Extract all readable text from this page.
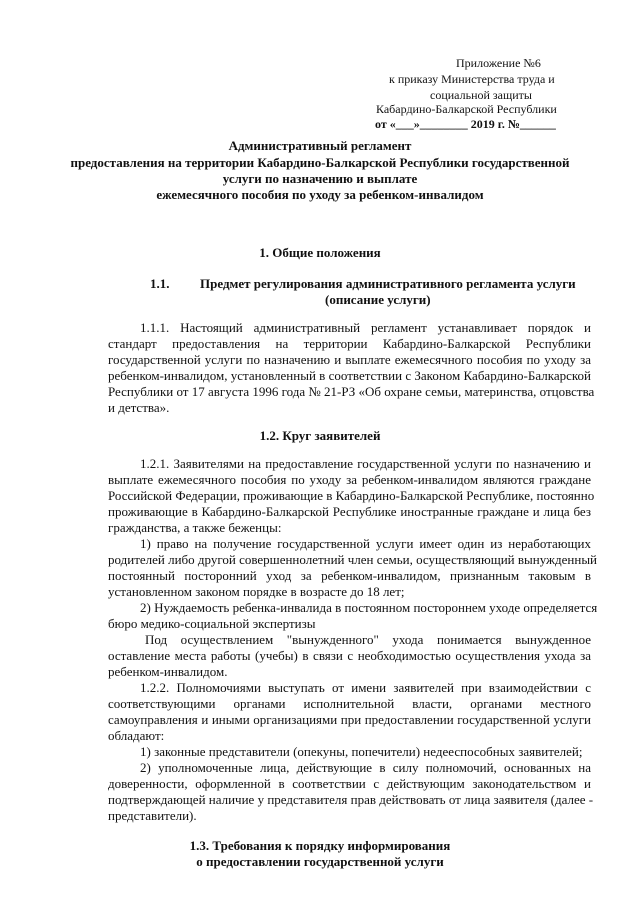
Приложение №6
к приказу Министерства труда и
социальной защиты
Кабардино-Балкарской Республики
от «___»________ 2019 г. №______
Административный регламент
предоставления на территории Кабардино-Балкарской Республики государственной
услуги по назначению и выплате
ежемесячного пособия по уходу за ребенком-инвалидом
1. Общие положения
1.1. Предмет регулирования административного регламента услуги
(описание услуги)
1.1.1. Настоящий административный регламент устанавливает порядок и
стандарт предоставления на территории Кабардино-Балкарской Республики
государственной услуги по назначению и выплате ежемесячного пособия по уходу за
ребенком-инвалидом, установленный в соответствии с Законом Кабардино-Балкарской
Республики от 17 августа 1996 года № 21-РЗ «Об охране семьи, материнства, отцовства
и детства».
1.2. Круг заявителей
1.2.1. Заявителями на предоставление государственной услуги по назначению и
выплате ежемесячного пособия по уходу за ребенком-инвалидом являются граждане
Российской Федерации, проживающие в Кабардино-Балкарской Республике, постоянно
проживающие в Кабардино-Балкарской Республике иностранные граждане и лица без
гражданства, а также беженцы:
1) право на получение государственной услуги имеет один из неработающих
родителей либо другой совершеннолетний член семьи, осуществляющий вынужденный
постоянный посторонний уход за ребенком-инвалидом, признанным таковым в
установленном законом порядке в возрасте до 18 лет;
2) Нуждаемость ребенка-инвалида в постоянном постороннем уходе определяется
бюро медико-социальной экспертизы
Под осуществлением "вынужденного" ухода понимается вынужденное
оставление места работы (учебы) в связи с необходимостью осуществления ухода за
ребенком-инвалидом.
1.2.2. Полномочиями выступать от имени заявителей при взаимодействии с
соответствующими органами исполнительной власти, органами местного
самоуправления и иными организациями при предоставлении государственной услуги
обладают:
1) законные представители (опекуны, попечители) недееспособных заявителей;
2) уполномоченные лица, действующие в силу полномочий, основанных на
доверенности, оформленной в соответствии с действующим законодательством и
подтверждающей наличие у представителя прав действовать от лица заявителя (далее -
представители).
1.3. Требования к порядку информирования
о предоставлении государственной услуги
